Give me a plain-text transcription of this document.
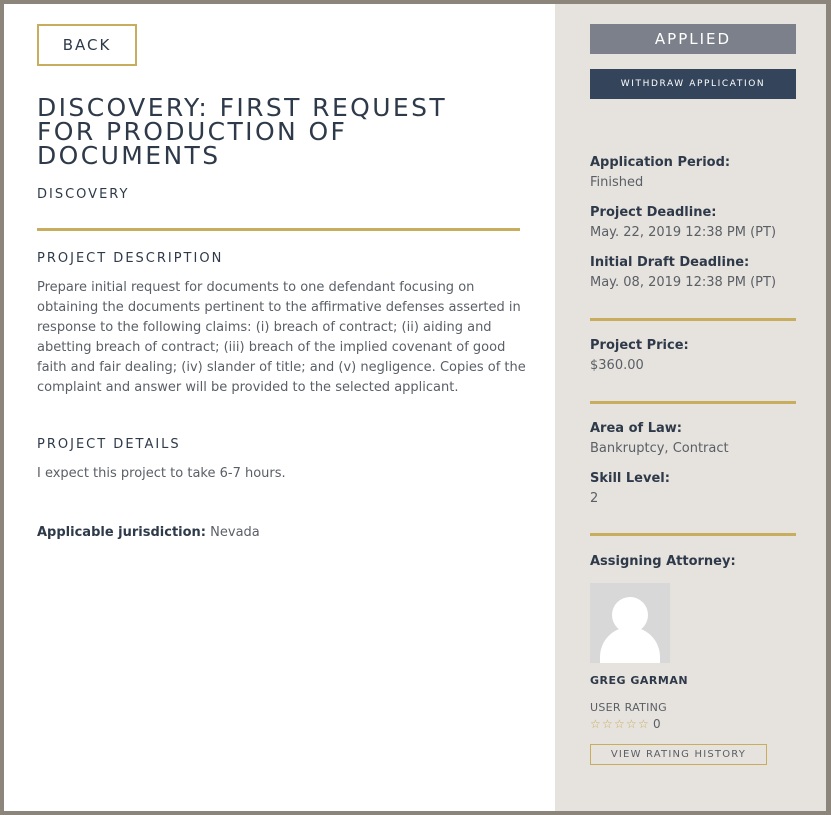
BACK
DISCOVERY: FIRST REQUEST FOR PRODUCTION OF DOCUMENTS
DISCOVERY
PROJECT DESCRIPTION

Prepare initial request for documents to one defendant focusing on obtaining the documents pertinent to the affirmative defenses asserted in response to the following claims: (i) breach of contract; (ii) aiding and abetting breach of contract; (iii) breach of the implied covenant of good faith and fair dealing; (iv) slander of title; and (v) negligence. Copies of the complaint and answer will be provided to the selected applicant.

PROJECT DETAILS

I expect this project to take 6-7 hours.

Applicable jurisdiction: Nevada
APPLIED
WITHDRAW APPLICATION
Application Period:
Finished
Project Deadline:
May. 22, 2019 12:38 PM (PT)
Initial Draft Deadline:
May. 08, 2019 12:38 PM (PT)
Project Price:
$360.00
Area of Law:
Bankruptcy, Contract
Skill Level:
2
Assigning Attorney:
GREG GARMAN
USER RATING
☆ ☆ ☆ ☆ ☆ 0
VIEW RATING HISTORY
